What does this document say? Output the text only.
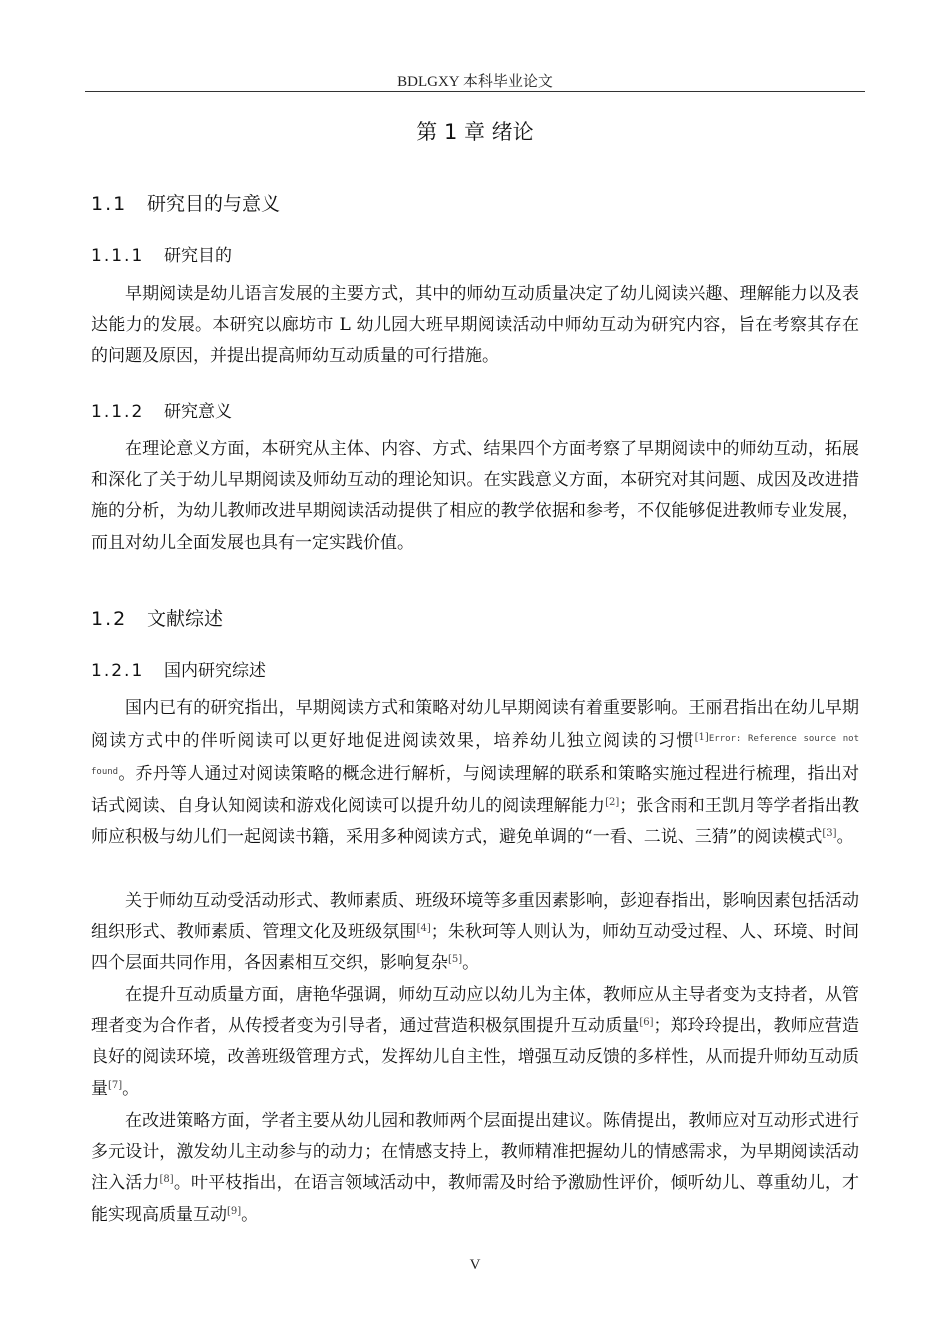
BDLGXY 本科毕业论文
第 1 章 绪论
1.1 研究目的与意义
1.1.1 研究目的

早期阅读是幼儿语言发展的主要方式，其中的师幼互动质量决定了幼儿阅读兴趣、理解能力以及表达能力的发展。本研究以廊坊市 L 幼儿园大班早期阅读活动中师幼互动为研究内容，旨在考察其存在的问题及原因，并提出提高师幼互动质量的可行措施。

1.1.2 研究意义

在理论意义方面，本研究从主体、内容、方式、结果四个方面考察了早期阅读中的师幼互动，拓展和深化了关于幼儿早期阅读及师幼互动的理论知识。在实践意义方面，本研究对其问题、成因及改进措施的分析，为幼儿教师改进早期阅读活动提供了相应的教学依据和参考，不仅能够促进教师专业发展，而且对幼儿全面发展也具有一定实践价值。

1.2 文献综述
1.2.1 国内研究综述

国内已有的研究指出，早期阅读方式和策略对幼儿早期阅读有着重要影响。王丽君指出在幼儿早期阅读方式中的伴听阅读可以更好地促进阅读效果，培养幼儿独立阅读的习惯$^{[1]Error: Reference source not found}$。乔丹等人通过对阅读策略的概念进行解析，与阅读理解的联系和策略实施过程进行梳理，指出对话式阅读、自身认知阅读和游戏化阅读可以提升幼儿的阅读理解能力[2]；张含雨和王凯月等学者指出教师应积极与幼儿们一起阅读书籍，采用多种阅读方式，避免单调的“一看、二说、三猜”的阅读模式[3]。

关于师幼互动受活动形式、教师素质、班级环境等多重因素影响，彭迎春指出，影响因素包括活动组织形式、教师素质、管理文化及班级氛围[4]；朱秋珂等人则认为，师幼互动受过程、人、环境、时间四个层面共同作用，各因素相互交织，影响复杂[5]。

在提升互动质量方面，唐艳华强调，师幼互动应以幼儿为主体，教师应从主导者变为支持者，从管理者变为合作者，从传授者变为引导者，通过营造积极氛围提升互动质量[6]；郑玲玲提出，教师应营造良好的阅读环境，改善班级管理方式，发挥幼儿自主性，增强互动反馈的多样性，从而提升师幼互动质量[7]。

在改进策略方面，学者主要从幼儿园和教师两个层面提出建议。陈倩提出，教师应对互动形式进行多元设计，激发幼儿主动参与的动力；在情感支持上，教师精准把握幼儿的情感需求，为早期阅读活动注入活力[8]。叶平枝指出，在语言领域活动中，教师需及时给予激励性评价，倾听幼儿、尊重幼儿，才能实现高质量互动[9]。

V
